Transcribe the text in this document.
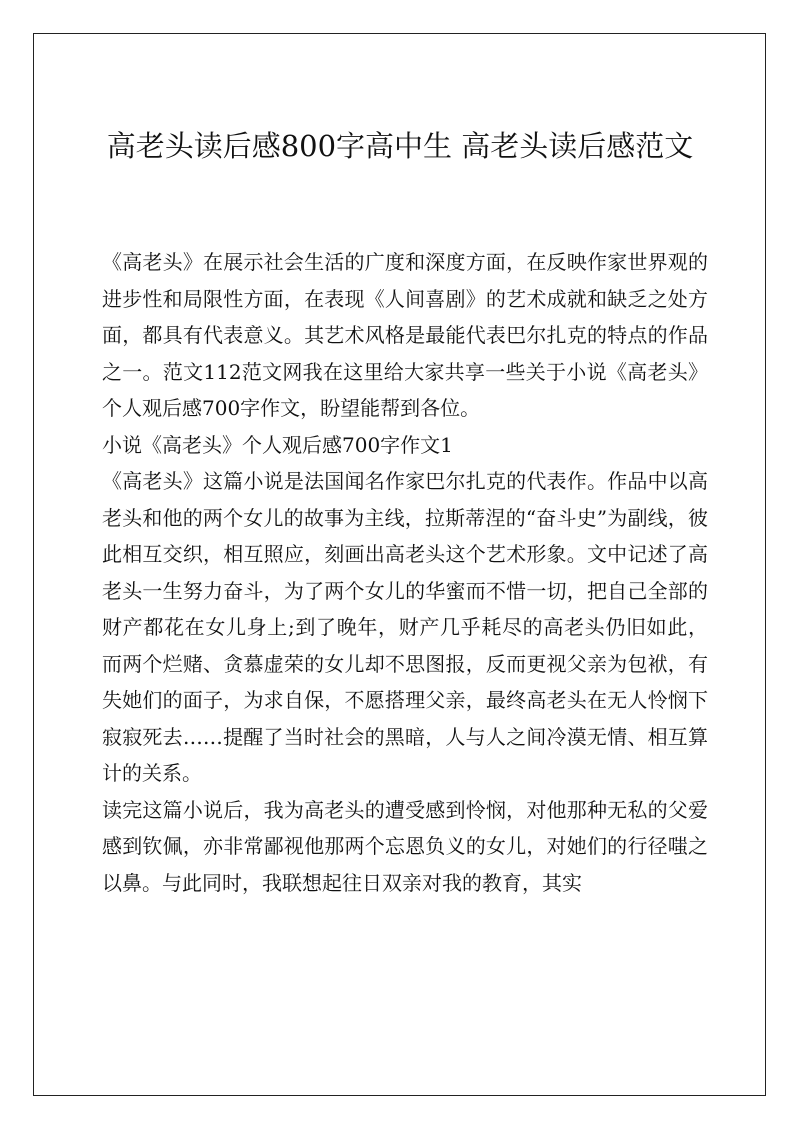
高老头读后感800字高中生 高老头读后感范文

《高老头》在展示社会生活的广度和深度方面，在反映作家世界观的进步性和局限性方面，在表现《人间喜剧》的艺术成就和缺乏之处方面，都具有代表意义。其艺术风格是最能代表巴尔扎克的特点的作品之一。范文112范文网我在这里给大家共享一些关于小说《高老头》个人观后感700字作文，盼望能帮到各位。

小说《高老头》个人观后感700字作文1

《高老头》这篇小说是法国闻名作家巴尔扎克的代表作。作品中以高老头和他的两个女儿的故事为主线，拉斯蒂涅的“奋斗史”为副线，彼此相互交织，相互照应，刻画出高老头这个艺术形象。文中记述了高老头一生努力奋斗，为了两个女儿的华蜜而不惜一切，把自己全部的财产都花在女儿身上;到了晚年，财产几乎耗尽的高老头仍旧如此，而两个烂赌、贪慕虚荣的女儿却不思图报，反而更视父亲为包袱，有失她们的面子，为求自保，不愿搭理父亲，最终高老头在无人怜悯下寂寂死去……提醒了当时社会的黑暗，人与人之间冷漠无情、相互算计的关系。

读完这篇小说后，我为高老头的遭受感到怜悯，对他那种无私的父爱感到钦佩，亦非常鄙视他那两个忘恩负义的女儿，对她们的行径嗤之以鼻。与此同时，我联想起往日双亲对我的教育，其实
